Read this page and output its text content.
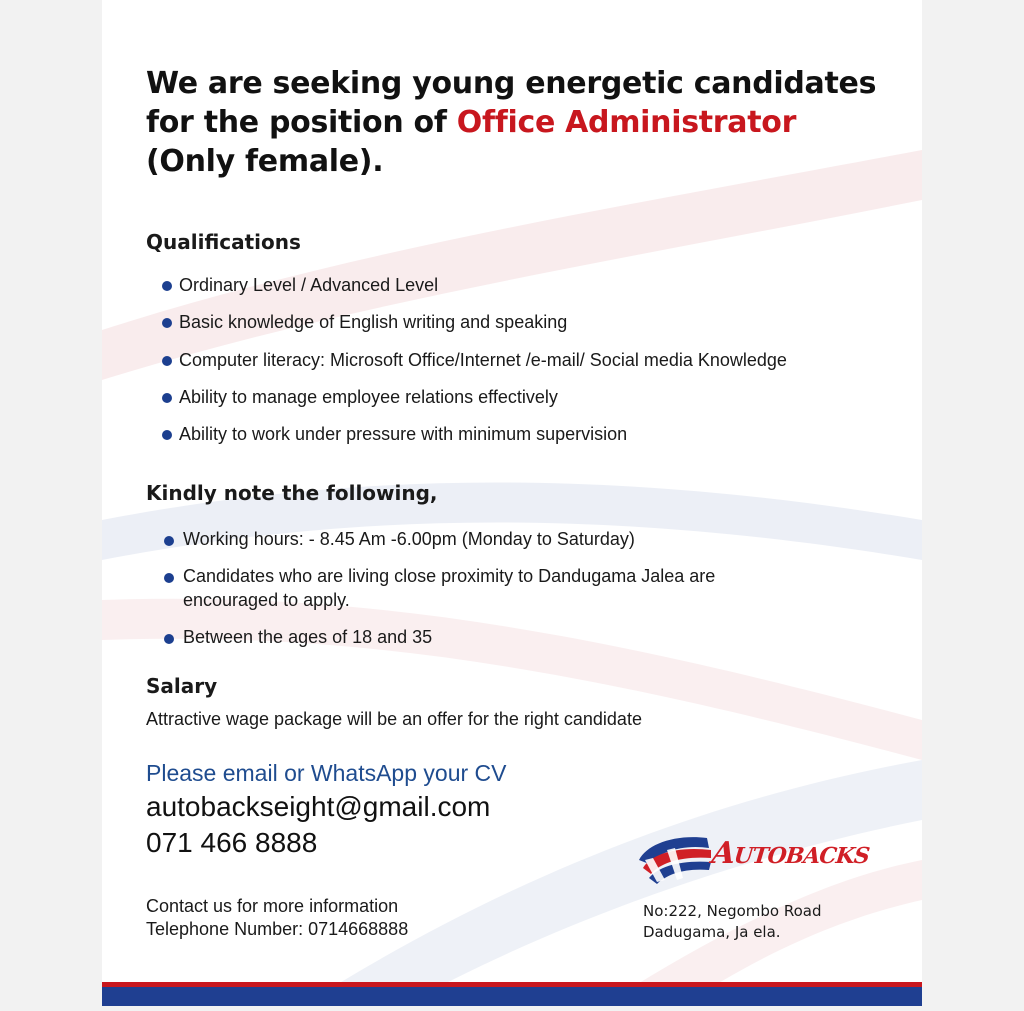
We are seeking young energetic candidates
for the position of Office Administrator
(Only female).
Qualifications
Ordinary Level / Advanced Level
Basic knowledge of English writing and speaking
Computer literacy: Microsoft Office/Internet /e-mail/ Social media Knowledge
Ability to manage employee relations effectively
Ability to work under pressure with minimum supervision
Kindly note the following,
Working hours: - 8.45 Am -6.00pm (Monday to Saturday)
Candidates who are living close proximity to Dandugama Jalea are encouraged to apply.
Between the ages of 18 and 35
Salary
Attractive wage package will be an offer for the right candidate
Please email or WhatsApp your CV
autobackseight@gmail.com
071 466 8888
Contact us for more information
Telephone Number: 0714668888
AUTOBACKS
No:222, Negombo Road
Dadugama, Ja ela.
